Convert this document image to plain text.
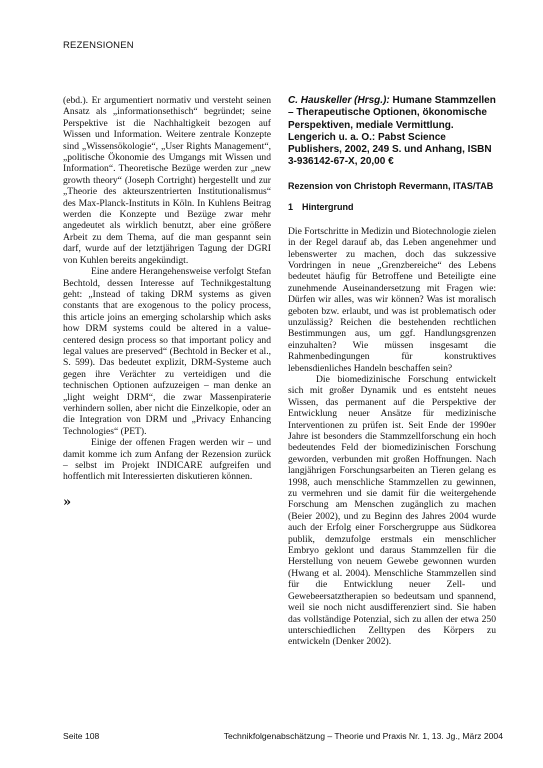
REZENSIONEN

(ebd.). Er argumentiert normativ und versteht seinen Ansatz als „informationsethisch“ begründet; seine Perspektive ist die Nachhaltigkeit bezogen auf Wissen und Information. Weitere zentrale Konzepte sind „Wissensökologie“, „User Rights Management“, „politische Ökonomie des Umgangs mit Wissen und Information“. Theoretische Bezüge werden zur „new growth theory“ (Joseph Cortright) hergestellt und zur „Theorie des akteurszentrierten Institutionalismus“ des Max-Planck-Instituts in Köln. In Kuhlens Beitrag werden die Konzepte und Bezüge zwar mehr angedeutet als wirklich benutzt, aber eine größere Arbeit zu dem Thema, auf die man gespannt sein darf, wurde auf der letztjährigen Tagung der DGRI von Kuhlen bereits angekündigt.

Eine andere Herangehensweise verfolgt Stefan Bechtold, dessen Interesse auf Technikgestaltung geht: „Instead of taking DRM systems as given constants that are exogenous to the policy process, this article joins an emerging scholarship which asks how DRM systems could be altered in a value-centered design process so that important policy and legal values are preserved“ (Bechtold in Becker et al., S. 599). Das bedeutet explizit, DRM-Systeme auch gegen ihre Verächter zu verteidigen und die technischen Optionen aufzuzeigen – man denke an „light weight DRM“, die zwar Massenpiraterie verhindern sollen, aber nicht die Einzelkopie, oder an die Integration von DRM und „Privacy Enhancing Technologies“ (PET).

Einige der offenen Fragen werden wir – und damit komme ich zum Anfang der Rezension zurück – selbst im Projekt INDICARE aufgreifen und hoffentlich mit Interessierten diskutieren können.

»
C. Hauskeller (Hrsg.): Humane Stammzellen – Therapeutische Optionen, ökonomische Perspektiven, mediale Vermittlung. Lengerich u. a. O.: Pabst Science Publishers, 2002, 249 S. und Anhang, ISBN 3-936142-67-X, 20,00 €
Rezension von Christoph Revermann, ITAS/TAB
1 Hintergrund

Die Fortschritte in Medizin und Biotechnologie zielen in der Regel darauf ab, das Leben angenehmer und lebenswerter zu machen, doch das sukzessive Vordringen in neue „Grenzbereiche“ des Lebens bedeutet häufig für Betroffene und Beteiligte eine zunehmende Auseinandersetzung mit Fragen wie: Dürfen wir alles, was wir können? Was ist moralisch geboten bzw. erlaubt, und was ist problematisch oder unzulässig? Reichen die bestehenden rechtlichen Bestimmungen aus, um ggf. Handlungsgrenzen einzuhalten? Wie müssen insgesamt die Rahmenbedingungen für konstruktives lebensdienliches Handeln beschaffen sein?

Die biomedizinische Forschung entwickelt sich mit großer Dynamik und es entsteht neues Wissen, das permanent auf die Perspektive der Entwicklung neuer Ansätze für medizinische Interventionen zu prüfen ist. Seit Ende der 1990er Jahre ist besonders die Stammzellforschung ein hoch bedeutendes Feld der biomedizinischen Forschung geworden, verbunden mit großen Hoffnungen. Nach langjährigen Forschungsarbeiten an Tieren gelang es 1998, auch menschliche Stammzellen zu gewinnen, zu vermehren und sie damit für die weitergehende Forschung am Menschen zugänglich zu machen (Beier 2002), und zu Beginn des Jahres 2004 wurde auch der Erfolg einer Forschergruppe aus Südkorea publik, demzufolge erstmals ein menschlicher Embryo geklont und daraus Stammzellen für die Herstellung von neuem Gewebe gewonnen wurden (Hwang et al. 2004). Menschliche Stammzellen sind für die Entwicklung neuer Zell- und Gewebeersatztherapien so bedeutsam und spannend, weil sie noch nicht ausdifferenziert sind. Sie haben das vollständige Potenzial, sich zu allen der etwa 250 unterschiedlichen Zelltypen des Körpers zu entwickeln (Denker 2002).

Seite 108	Technikfolgenabschätzung – Theorie und Praxis Nr. 1, 13. Jg., März 2004
